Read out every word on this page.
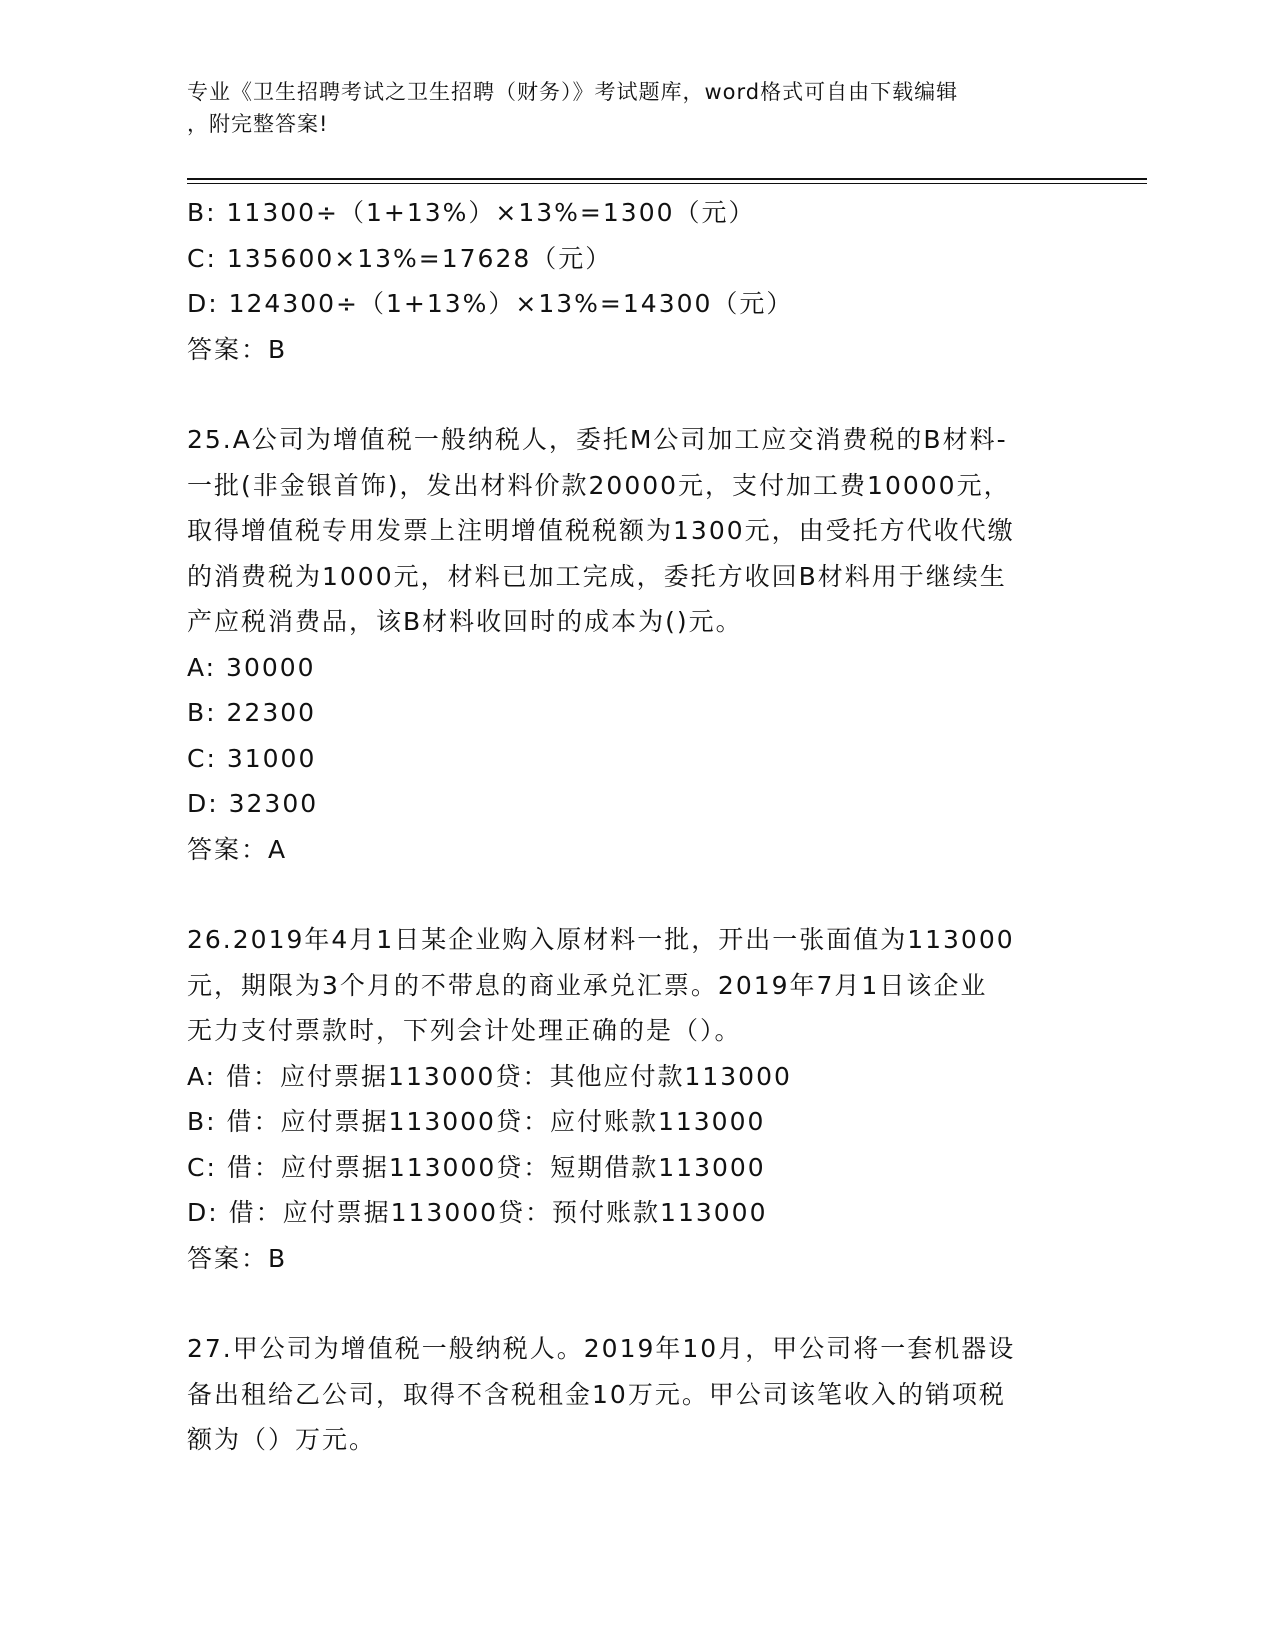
专业《卫生招聘考试之卫生招聘（财务）》考试题库，word格式可自由下载编辑
，附完整答案!
B: 11300÷（1+13%）×13%=1300（元）
C: 135600×13%=17628（元）
D: 124300÷（1+13%）×13%=14300（元）
答案：B
25.A公司为增值税一般纳税人，委托M公司加工应交消费税的B材料-
一批(非金银首饰)，发出材料价款20000元，支付加工费10000元，
取得增值税专用发票上注明增值税税额为1300元，由受托方代收代缴
的消费税为1000元，材料已加工完成，委托方收回B材料用于继续生
产应税消费品，该B材料收回时的成本为()元。
A: 30000
B: 22300
C: 31000
D: 32300
答案：A
26.2019年4月1日某企业购入原材料一批，开出一张面值为113000
元，期限为3个月的不带息的商业承兑汇票。2019年7月1日该企业
无力支付票款时，下列会计处理正确的是（）。
A: 借：应付票据113000贷：其他应付款113000
B: 借：应付票据113000贷：应付账款113000
C: 借：应付票据113000贷：短期借款113000
D: 借：应付票据113000贷：预付账款113000
答案：B
27.甲公司为增值税一般纳税人。2019年10月，甲公司将一套机器设
备出租给乙公司，取得不含税租金10万元。甲公司该笔收入的销项税
额为（）万元。
